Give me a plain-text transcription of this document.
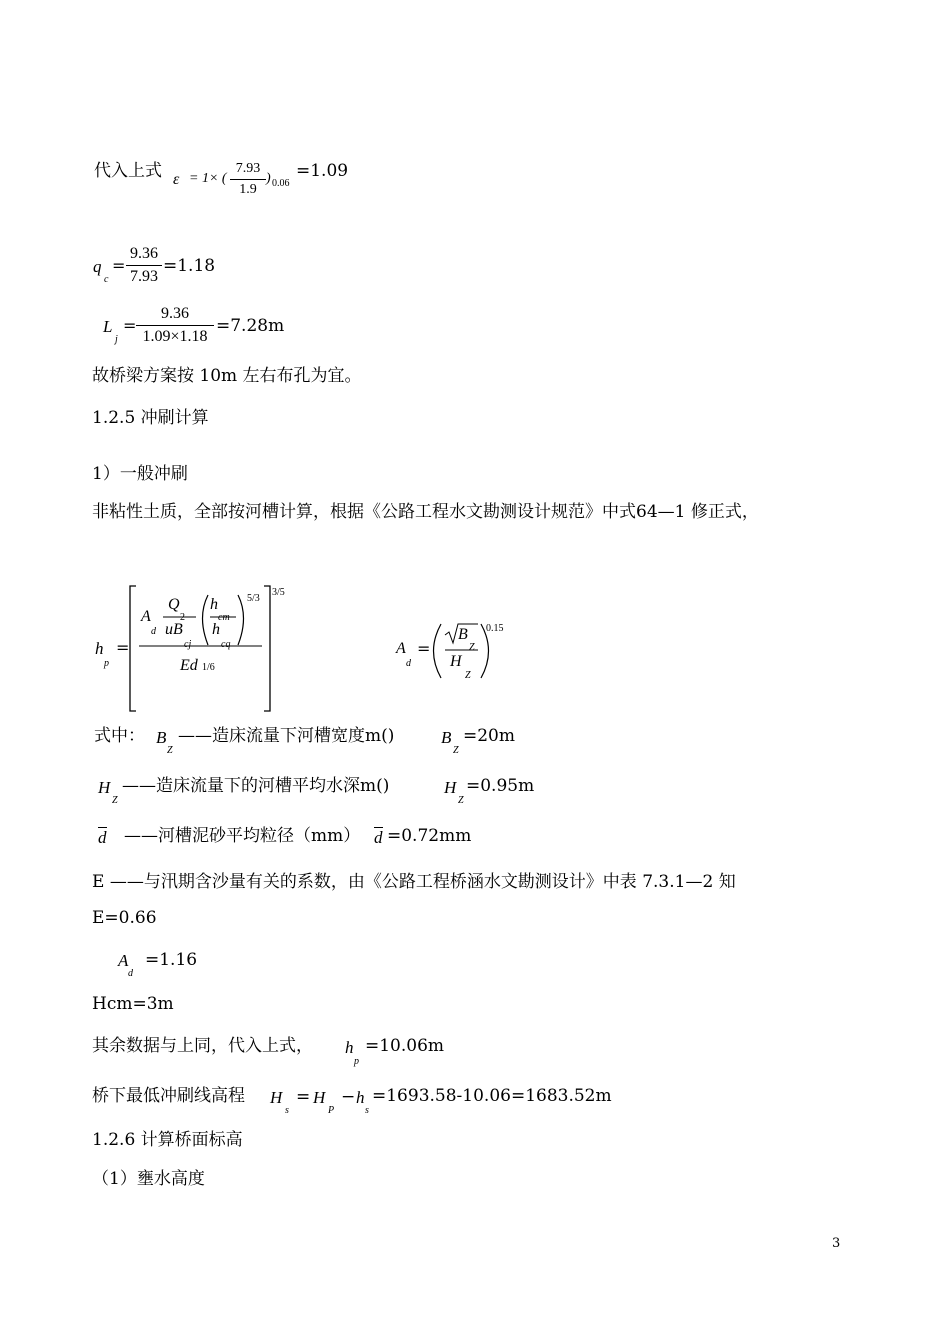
代入上式 ε = 1× (
7.93
1.9
) 0.06
=1.09
q
c
=
9.36
7.93
=1.18
L
j
=
9.36
1.09×1.18
=7.28m
故桥梁方案按 10m 左右布孔为宜。
1.2.5 冲刷计算
1）一般冲刷
非粘性土质，全部按河槽计算，根据《公路工程水文勘测设计规范》中式64—1 修正式，
h
p
=
A
d
Q
2
uB
cj
h
cm
h
cq
5/3
Ed 1/6
3/5
A
d
=
B
Z
H
Z
0.15
式中： B
Z
——造床流量下河槽宽度m()	B
Z
=20m
H
Z
——造床流量下的河槽平均水深m()	H
Z
=0.95m
d ——河槽泥砂平均粒径（mm） d =0.72mm
E ——与汛期含沙量有关的系数，由《公路工程桥涵水文勘测设计》中表 7.3.1—2 知
E=0.66
A
d
=1.16
Hcm=3m
其余数据与上同，代入上式， h
p
=10.06m
桥下最低冲刷线高程 H
s
= H
P
− h
s
=1693.58-10.06=1683.52m
1.2.6 计算桥面标高
（1）壅水高度
3
